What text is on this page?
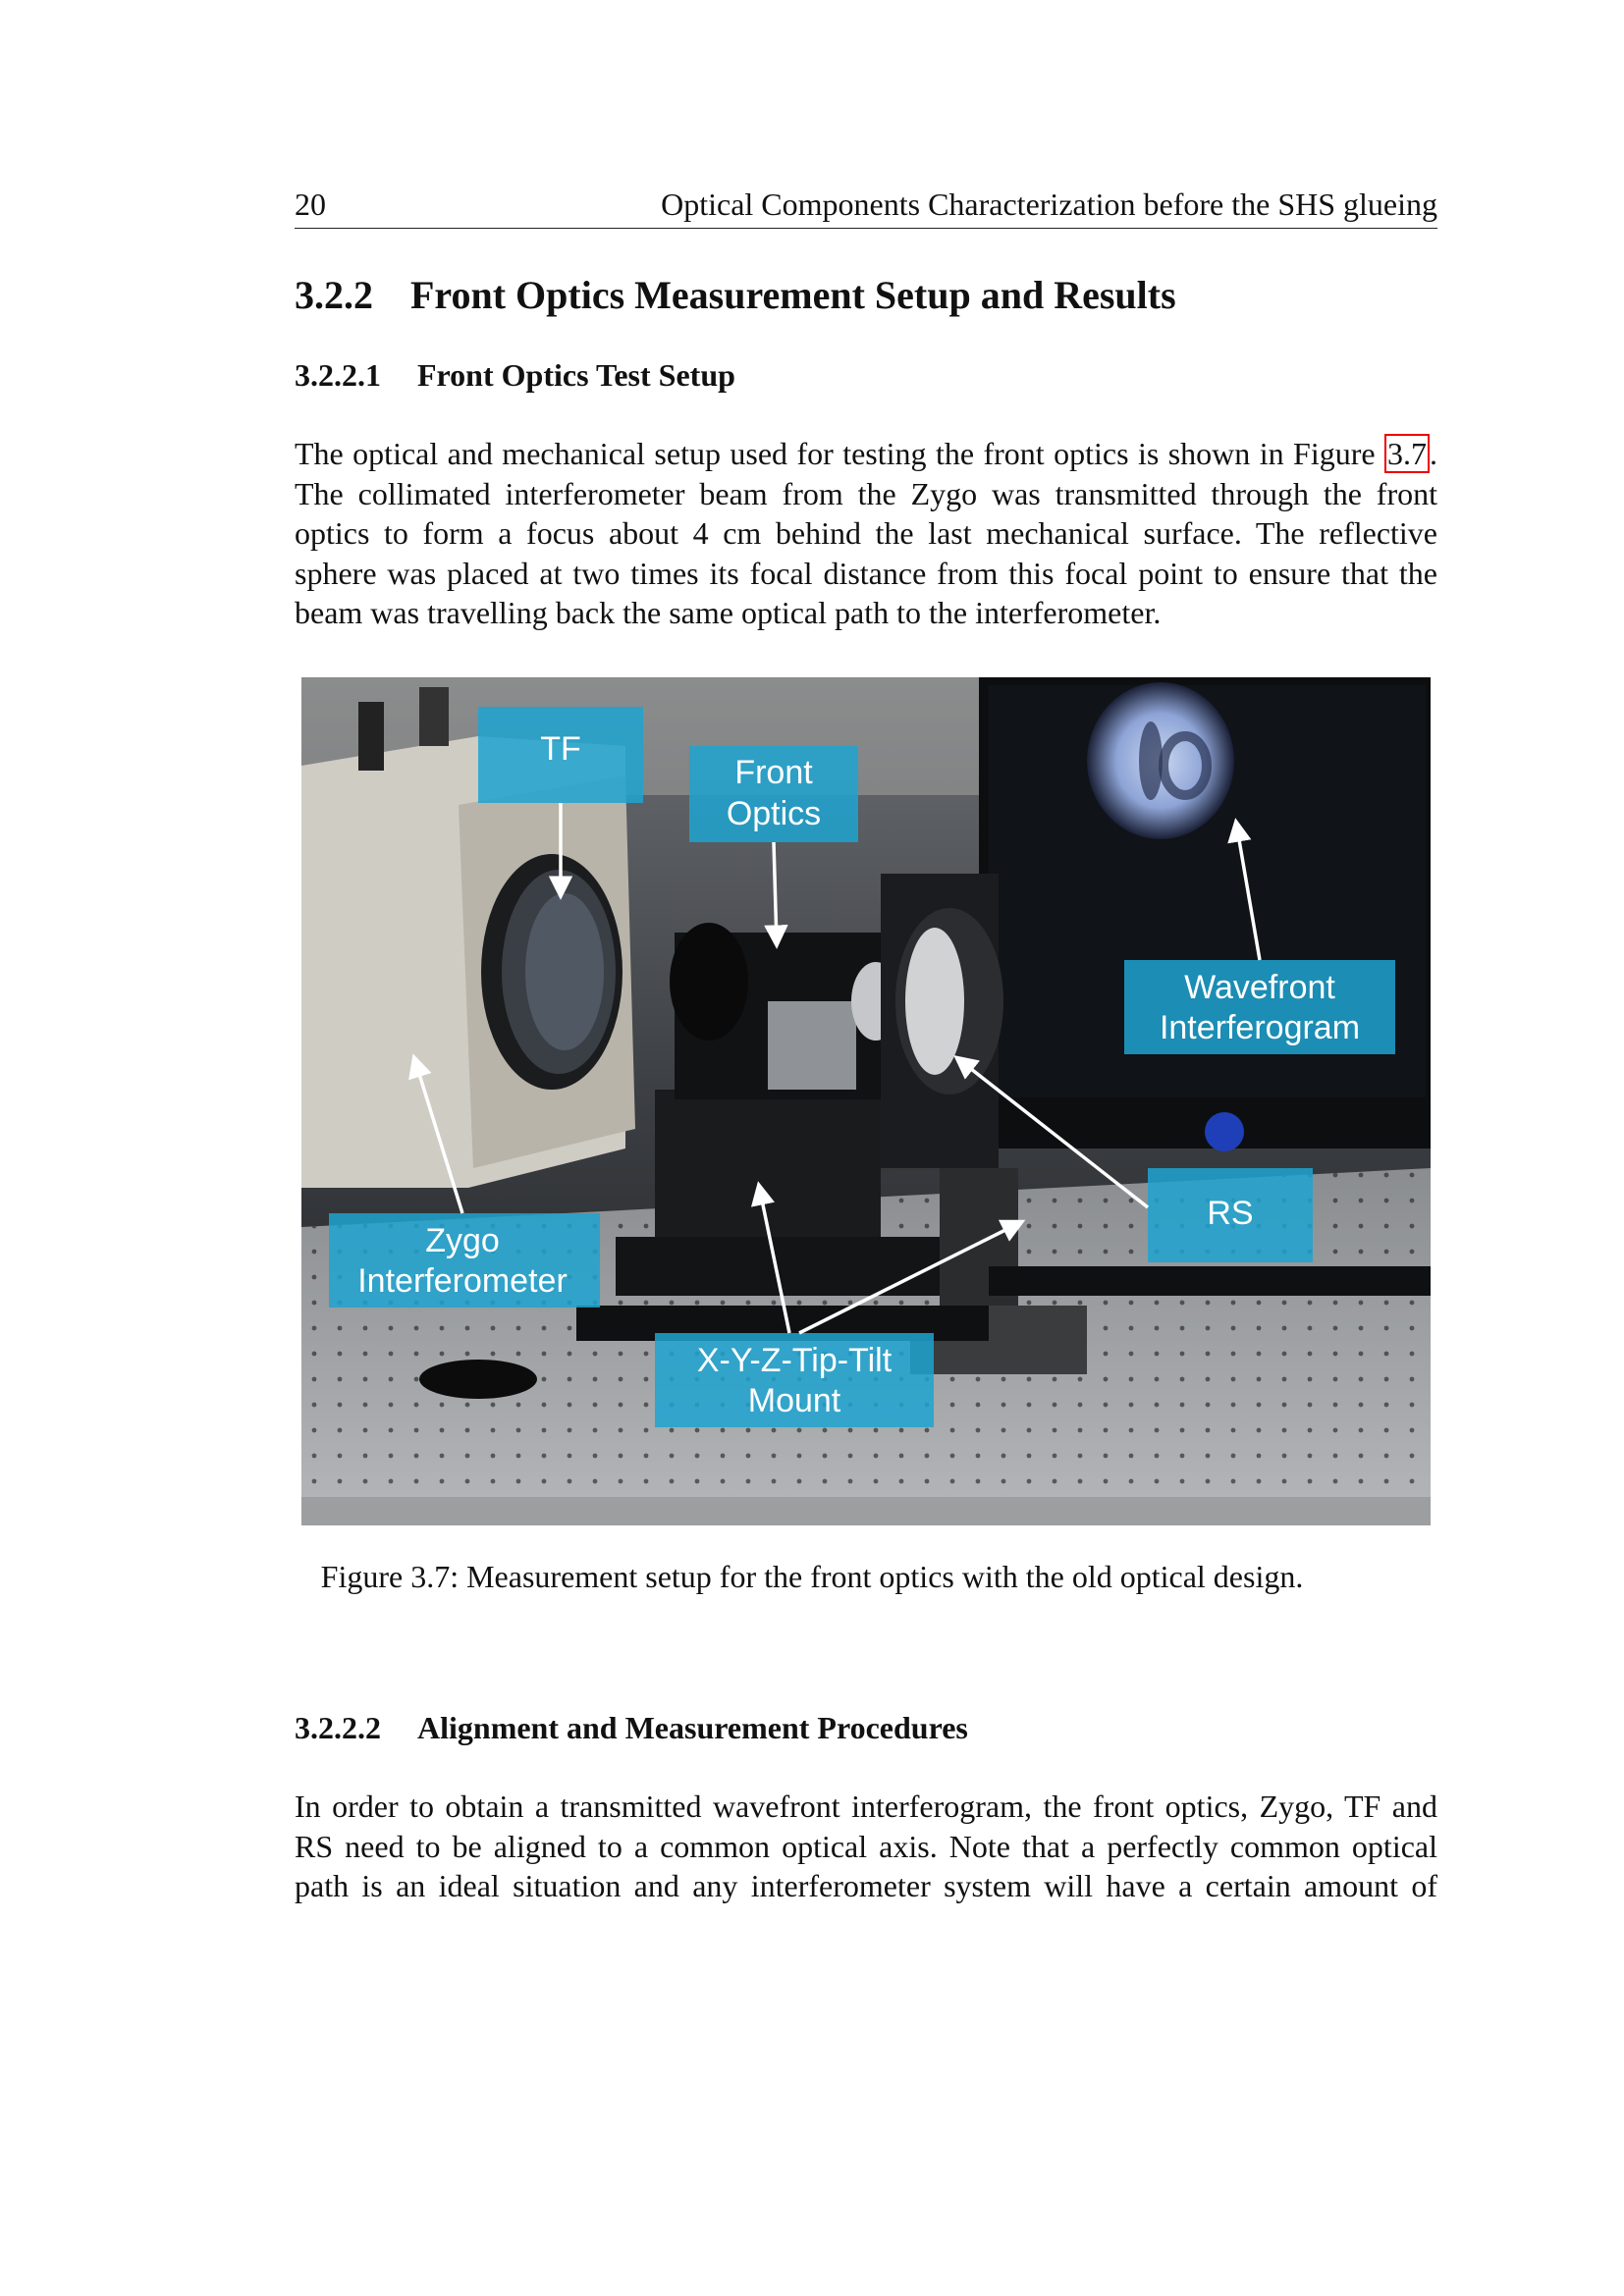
20	Optical Components Characterization before the SHS glueing
3.2.2 Front Optics Measurement Setup and Results
3.2.2.1 Front Optics Test Setup
The optical and mechanical setup used for testing the front optics is shown in Figure 3.7.
The collimated interferometer beam from the Zygo was transmitted through the front
optics to form a focus about 4 cm behind the last mechanical surface. The reflective
sphere was placed at two times its focal distance from this focal point to ensure that the
beam was travelling back the same optical path to the interferometer.
TF
Front
Optics
Wavefront
Interferogram
RS
Zygo
Interferometer
X-Y-Z-Tip-Tilt
Mount
Figure 3.7: Measurement setup for the front optics with the old optical design.
3.2.2.2 Alignment and Measurement Procedures
In order to obtain a transmitted wavefront interferogram, the front optics, Zygo, TF and
RS need to be aligned to a common optical axis. Note that a perfectly common optical
path is an ideal situation and any interferometer system will have a certain amount of
